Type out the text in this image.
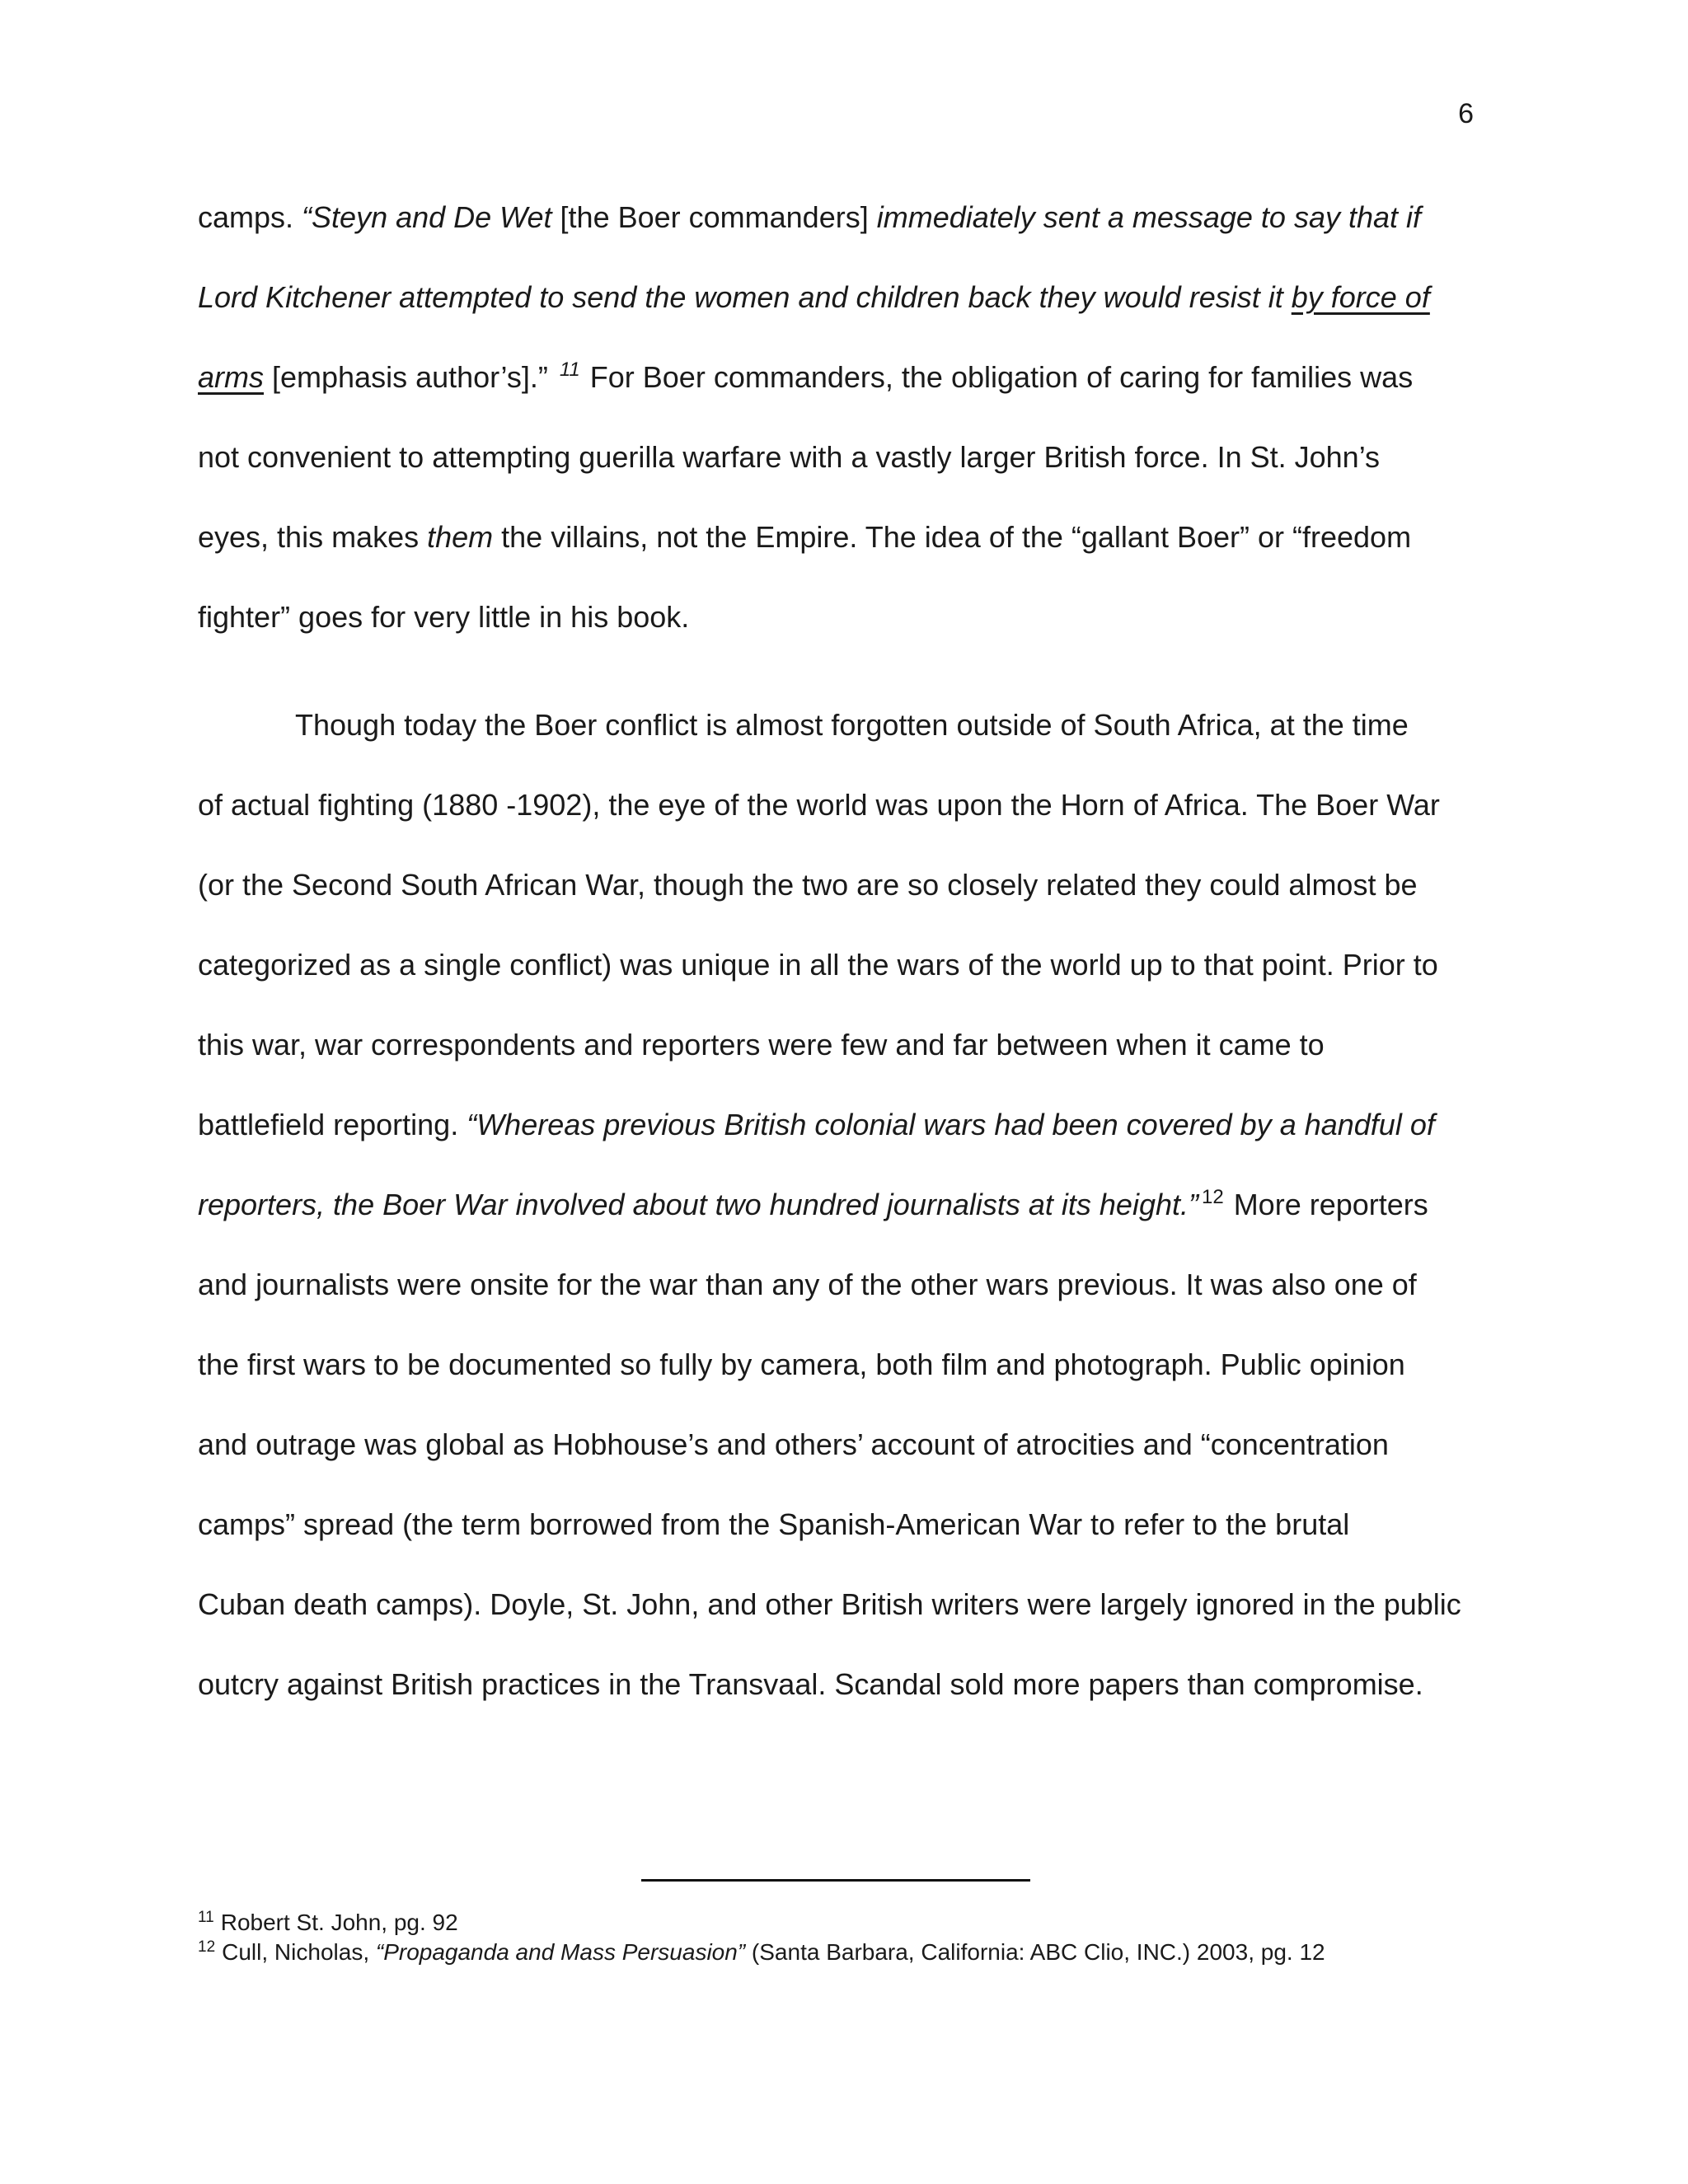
6
camps. “Steyn and De Wet [the Boer commanders] immediately sent a message to say that if
Lord Kitchener attempted to send the women and children back they would resist it by force of
arms [emphasis author’s].” $^{11}$ For Boer commanders, the obligation of caring for families was
not convenient to attempting guerilla warfare with a vastly larger British force. In St. John’s
eyes, this makes them the villains, not the Empire. The idea of the “gallant Boer” or “freedom
fighter” goes for very little in his book.
Though today the Boer conflict is almost forgotten outside of South Africa, at the time
of actual fighting (1880 -1902), the eye of the world was upon the Horn of Africa. The Boer War
(or the Second South African War, though the two are so closely related they could almost be
categorized as a single conflict) was unique in all the wars of the world up to that point. Prior to
this war, war correspondents and reporters were few and far between when it came to
battlefield reporting. “Whereas previous British colonial wars had been covered by a handful of
reporters, the Boer War involved about two hundred journalists at its height.” $^{12}$ More reporters
and journalists were onsite for the war than any of the other wars previous. It was also one of
the first wars to be documented so fully by camera, both film and photograph. Public opinion
and outrage was global as Hobhouse’s and others’ account of atrocities and “concentration
camps” spread (the term borrowed from the Spanish-American War to refer to the brutal
Cuban death camps). Doyle, St. John, and other British writers were largely ignored in the public
outcry against British practices in the Transvaal. Scandal sold more papers than compromise.
$^{11}$ Robert St. John, pg. 92
$^{12}$ Cull, Nicholas, “Propaganda and Mass Persuasion” (Santa Barbara, California: ABC Clio, INC.) 2003, pg. 12
